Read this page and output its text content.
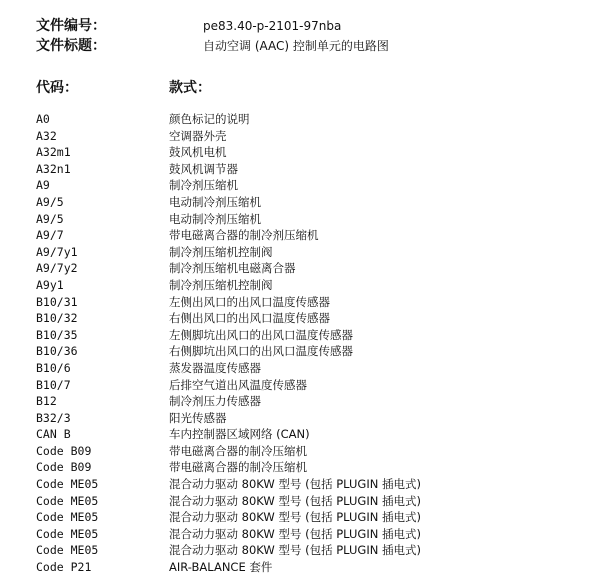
文件编号：	pe83.40-p-2101-97nba
文件标题：	自动空调 (AAC) 控制单元的电路图
代码：	款式：
A0	颜色标记的说明
A32	空调器外壳
A32m1	鼓风机电机
A32n1	鼓风机调节器
A9	制冷剂压缩机
A9/5	电动制冷剂压缩机
A9/5	电动制冷剂压缩机
A9/7	带电磁离合器的制冷剂压缩机
A9/7y1	制冷剂压缩机控制阀
A9/7y2	制冷剂压缩机电磁离合器
A9y1	制冷剂压缩机控制阀
B10/31	左侧出风口的出风口温度传感器
B10/32	右侧出风口的出风口温度传感器
B10/35	左侧脚坑出风口的出风口温度传感器
B10/36	右侧脚坑出风口的出风口温度传感器
B10/6	蒸发器温度传感器
B10/7	后排空气道出风温度传感器
B12	制冷剂压力传感器
B32/3	阳光传感器
CAN B	车内控制器区域网络 (CAN)
Code B09	带电磁离合器的制冷压缩机
Code B09	带电磁离合器的制冷压缩机
Code ME05	混合动力驱动 80KW 型号 (包括 PLUGIN 插电式)
Code ME05	混合动力驱动 80KW 型号 (包括 PLUGIN 插电式)
Code ME05	混合动力驱动 80KW 型号 (包括 PLUGIN 插电式)
Code ME05	混合动力驱动 80KW 型号 (包括 PLUGIN 插电式)
Code ME05	混合动力驱动 80KW 型号 (包括 PLUGIN 插电式)
Code P21	AIR-BALANCE 套件
